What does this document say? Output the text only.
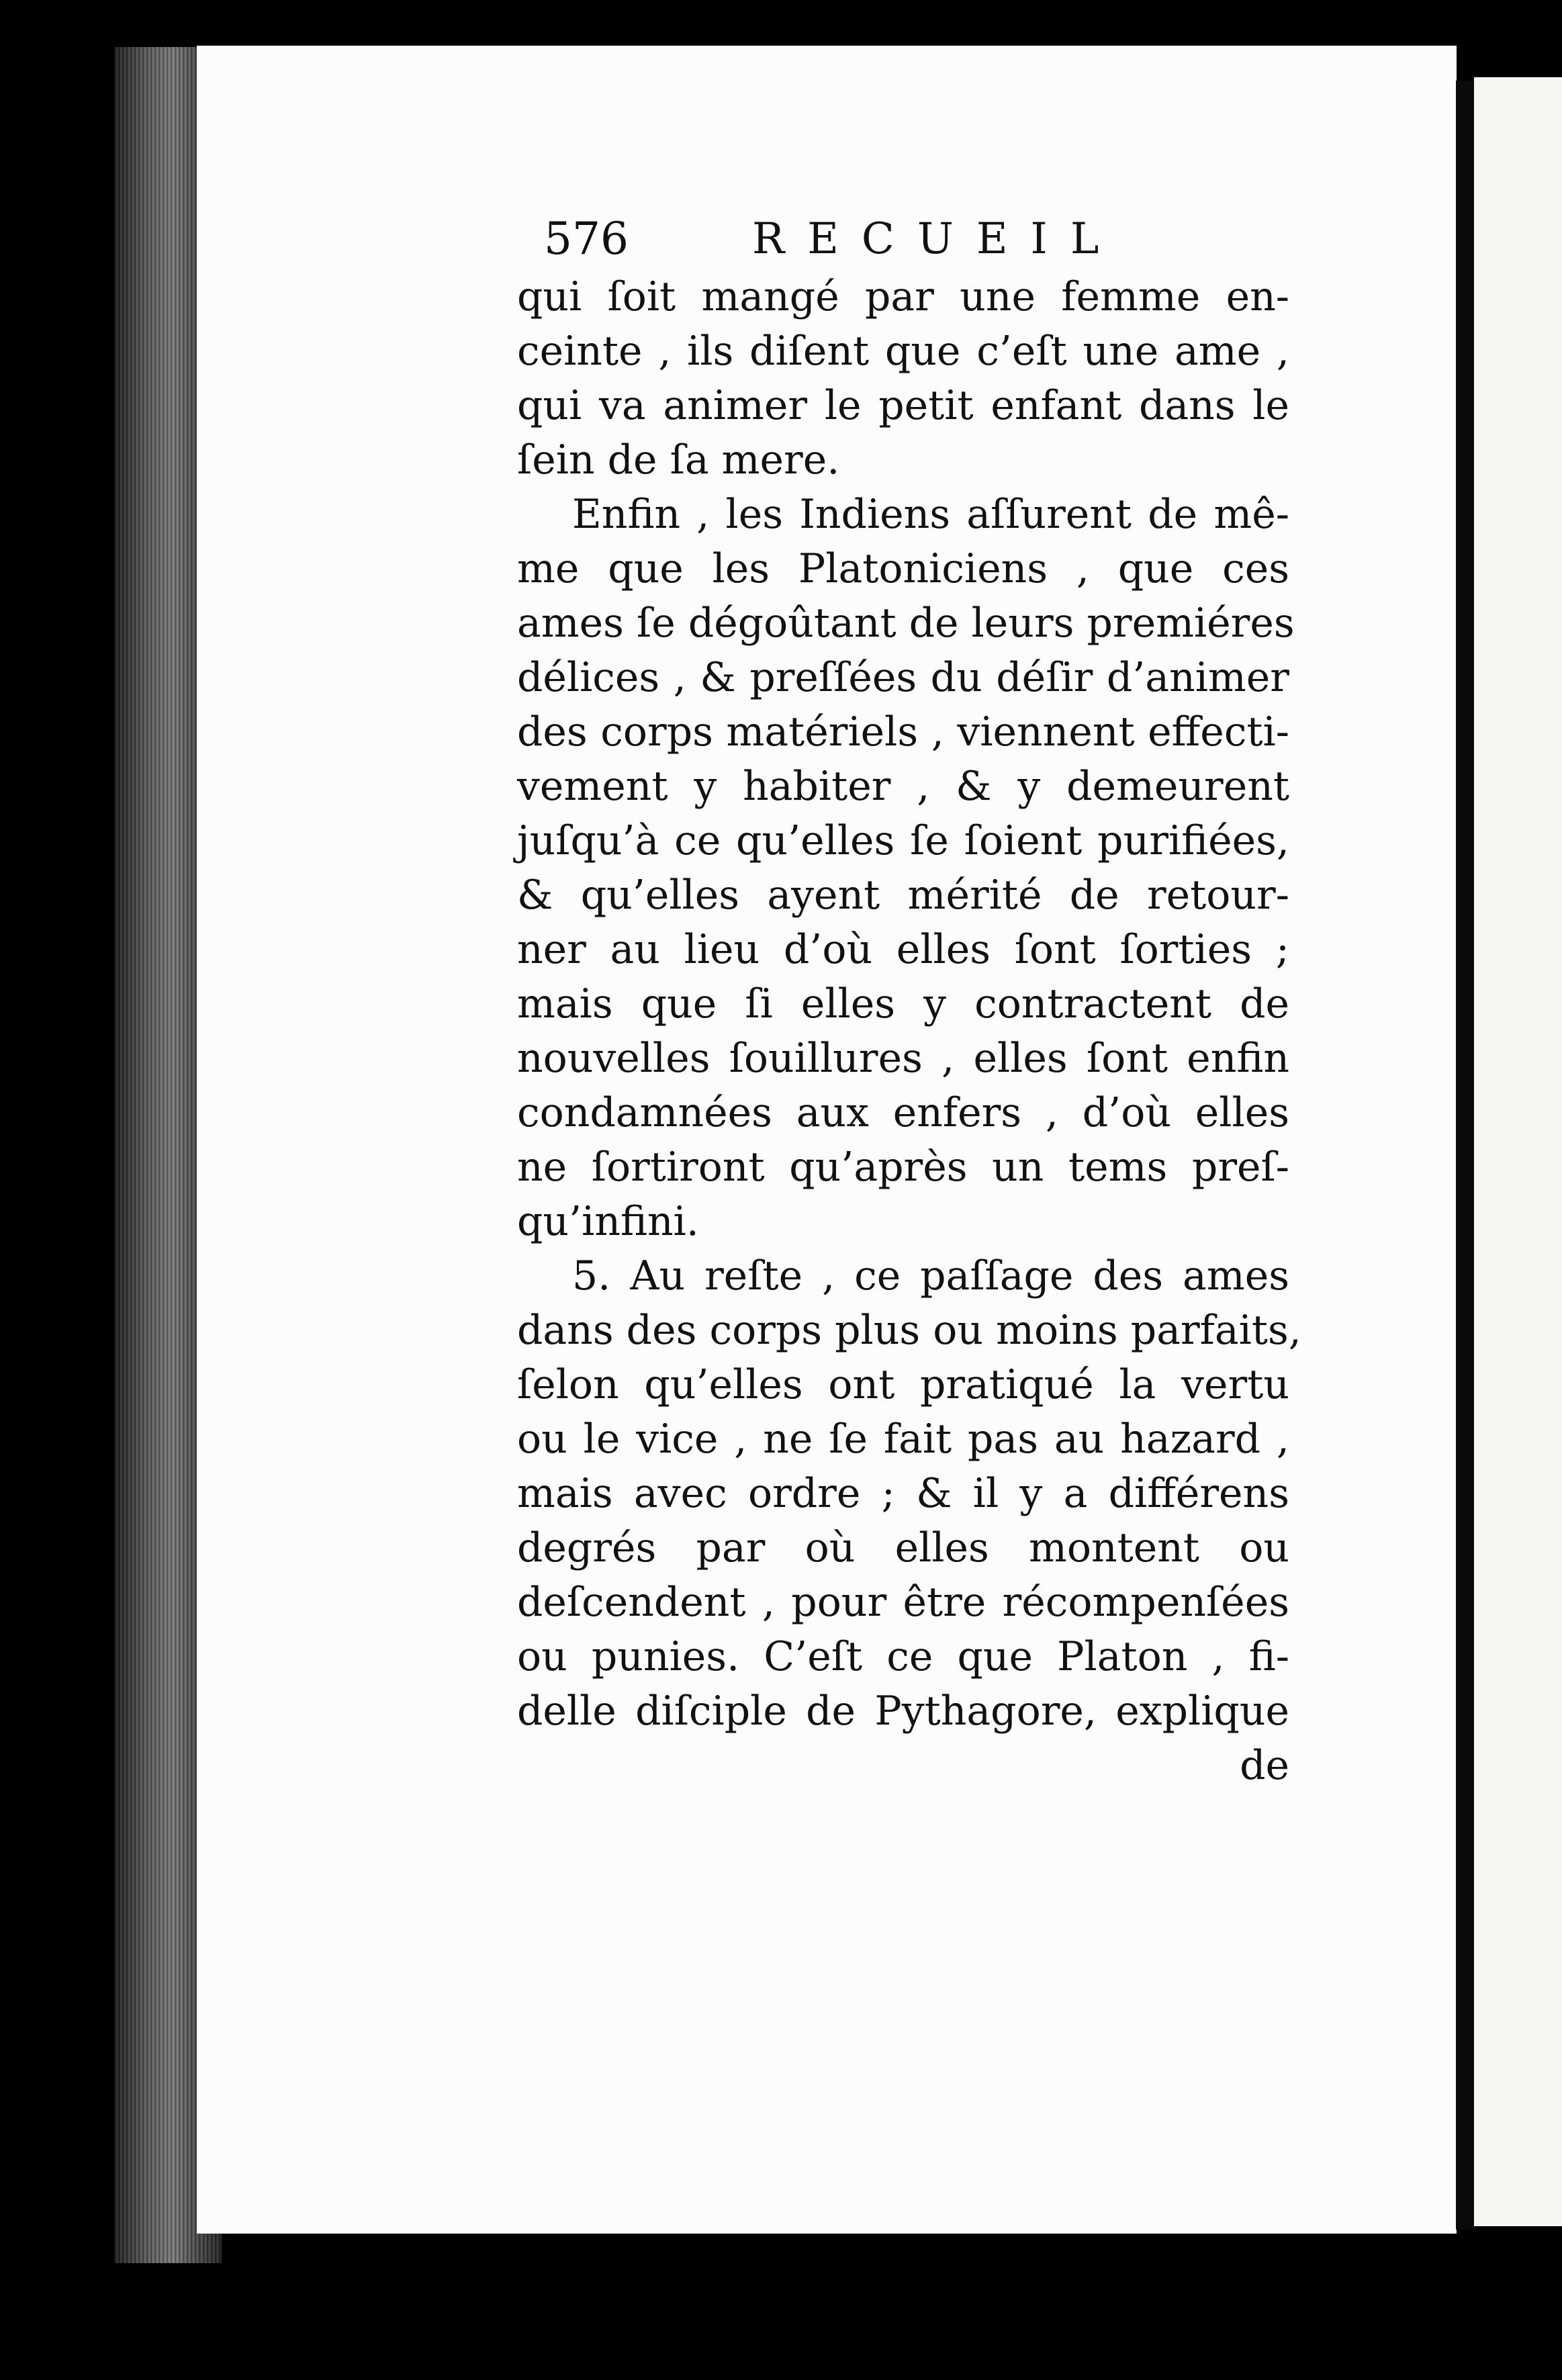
576	RECUEIL
qui ſoit mangé par une femme en-
ceinte , ils diſent que c’eſt une ame ,
qui va animer le petit enfant dans le
ſein de ſa mere.
Enfin , les Indiens aſſurent de mê-
me que les Platoniciens , que ces
ames ſe dégoûtant de leurs premiéres
délices , & preſſées du déſir d’animer
des corps matériels , viennent effecti-
vement y habiter , & y demeurent
juſqu’à ce qu’elles ſe ſoient purifiées,
& qu’elles ayent mérité de retour-
ner au lieu d’où elles ſont ſorties ;
mais que ſi elles y contractent de
nouvelles ſouillures , elles ſont enfin
condamnées aux enfers , d’où elles
ne ſortiront qu’après un tems preſ-
qu’infini.
5. Au reſte , ce paſſage des ames
dans des corps plus ou moins parfaits,
ſelon qu’elles ont pratiqué la vertu
ou le vice , ne ſe fait pas au hazard ,
mais avec ordre ; & il y a différens
degrés par où elles montent ou
deſcendent , pour être récompenſées
ou punies. C’eſt ce que Platon , fi-
delle diſciple de Pythagore, explique
de
